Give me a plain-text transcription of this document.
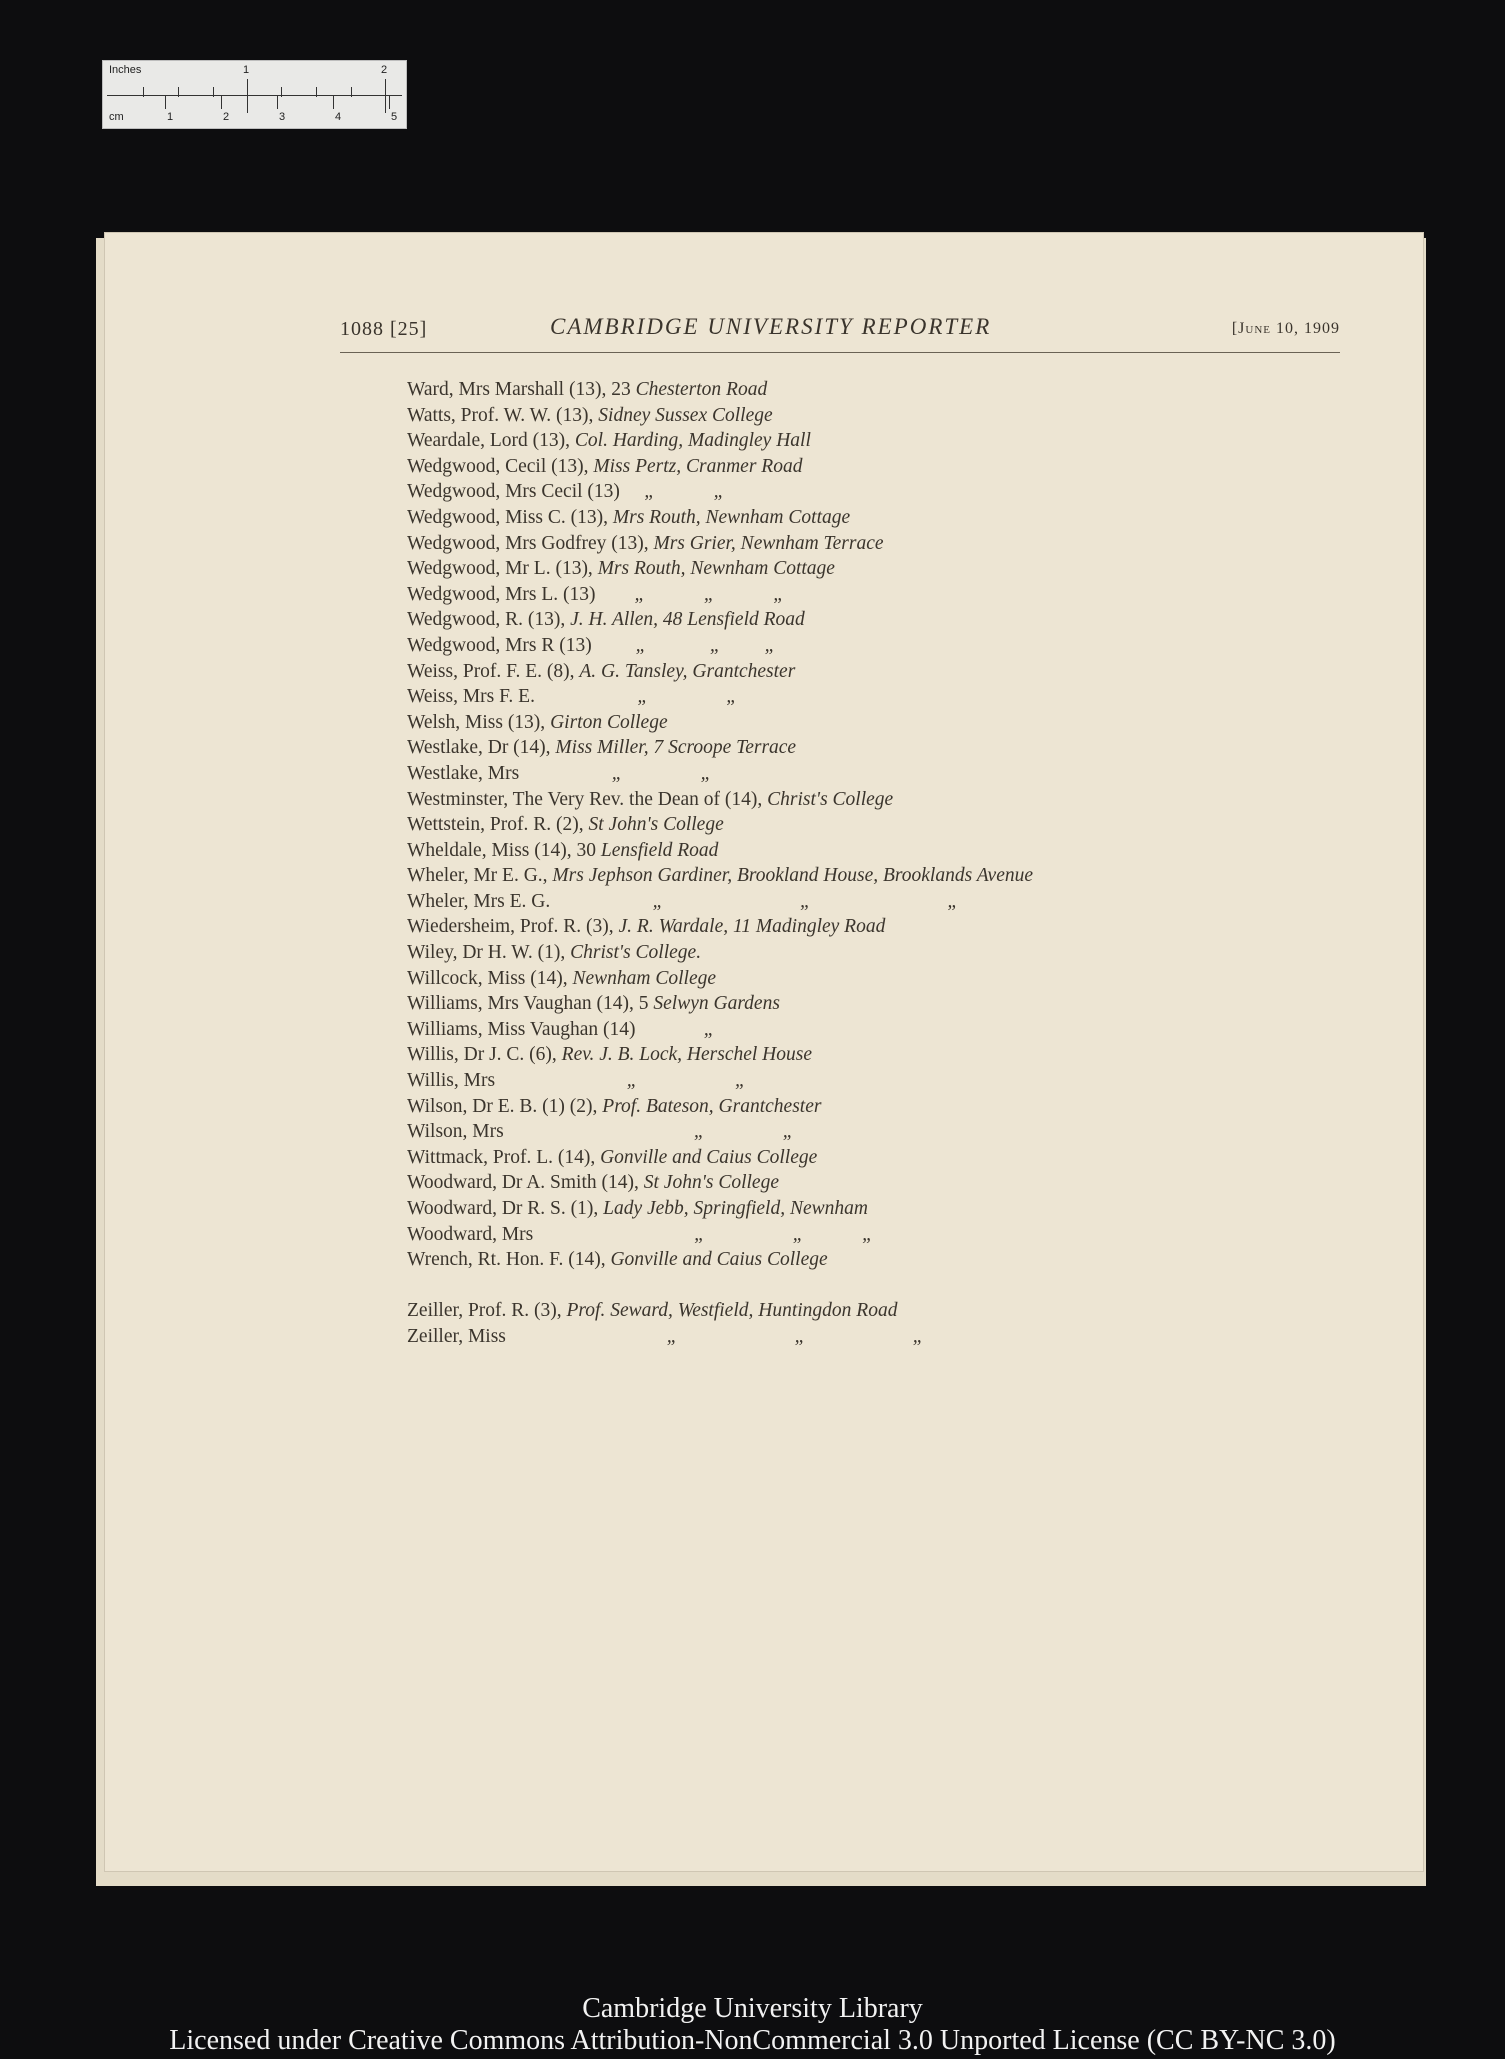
Inches	1	2
cm	1	2	3	4	5
1088 [25]	CAMBRIDGE UNIVERSITY REPORTER	[June 10, 1909

Ward, Mrs Marshall (13), 23 Chesterton Road
Watts, Prof. W. W. (13), Sidney Sussex College
Weardale, Lord (13), Col. Harding, Madingley Hall
Wedgwood, Cecil (13), Miss Pertz, Cranmer Road
Wedgwood, Mrs Cecil (13)     „            „
Wedgwood, Miss C. (13), Mrs Routh, Newnham Cottage
Wedgwood, Mrs Godfrey (13), Mrs Grier, Newnham Terrace
Wedgwood, Mr L. (13), Mrs Routh, Newnham Cottage
Wedgwood, Mrs L. (13)        „            „            „
Wedgwood, R. (13), J. H. Allen, 48 Lensfield Road
Wedgwood, Mrs R (13)         „             „         „
Weiss, Prof. F. E. (8), A. G. Tansley, Grantchester
Weiss, Mrs F. E.                     „                „
Welsh, Miss (13), Girton College
Westlake, Dr (14), Miss Miller, 7 Scroope Terrace
Westlake, Mrs                   „                „
Westminster, The Very Rev. the Dean of (14), Christ's College
Wettstein, Prof. R. (2), St John's College
Wheldale, Miss (14), 30 Lensfield Road
Wheler, Mr E. G., Mrs Jephson Gardiner, Brookland House, Brooklands Avenue
Wheler, Mrs E. G.                     „                            „                            „
Wiedersheim, Prof. R. (3), J. R. Wardale, 11 Madingley Road
Wiley, Dr H. W. (1), Christ's College.
Willcock, Miss (14), Newnham College
Williams, Mrs Vaughan (14), 5 Selwyn Gardens
Williams, Miss Vaughan (14)              „
Willis, Dr J. C. (6), Rev. J. B. Lock, Herschel House
Willis, Mrs                           „                    „
Wilson, Dr E. B. (1) (2), Prof. Bateson, Grantchester
Wilson, Mrs                                       „                „
Wittmack, Prof. L. (14), Gonville and Caius College
Woodward, Dr A. Smith (14), St John's College
Woodward, Dr R. S. (1), Lady Jebb, Springfield, Newnham
Woodward, Mrs                                 „                  „            „
Wrench, Rt. Hon. F. (14), Gonville and Caius College
Zeiller, Prof. R. (3), Prof. Seward, Westfield, Huntingdon Road
Zeiller, Miss                                 „                        „                      „
Cambridge University Library
Licensed under Creative Commons Attribution-NonCommercial 3.0 Unported License (CC BY-NC 3.0)
